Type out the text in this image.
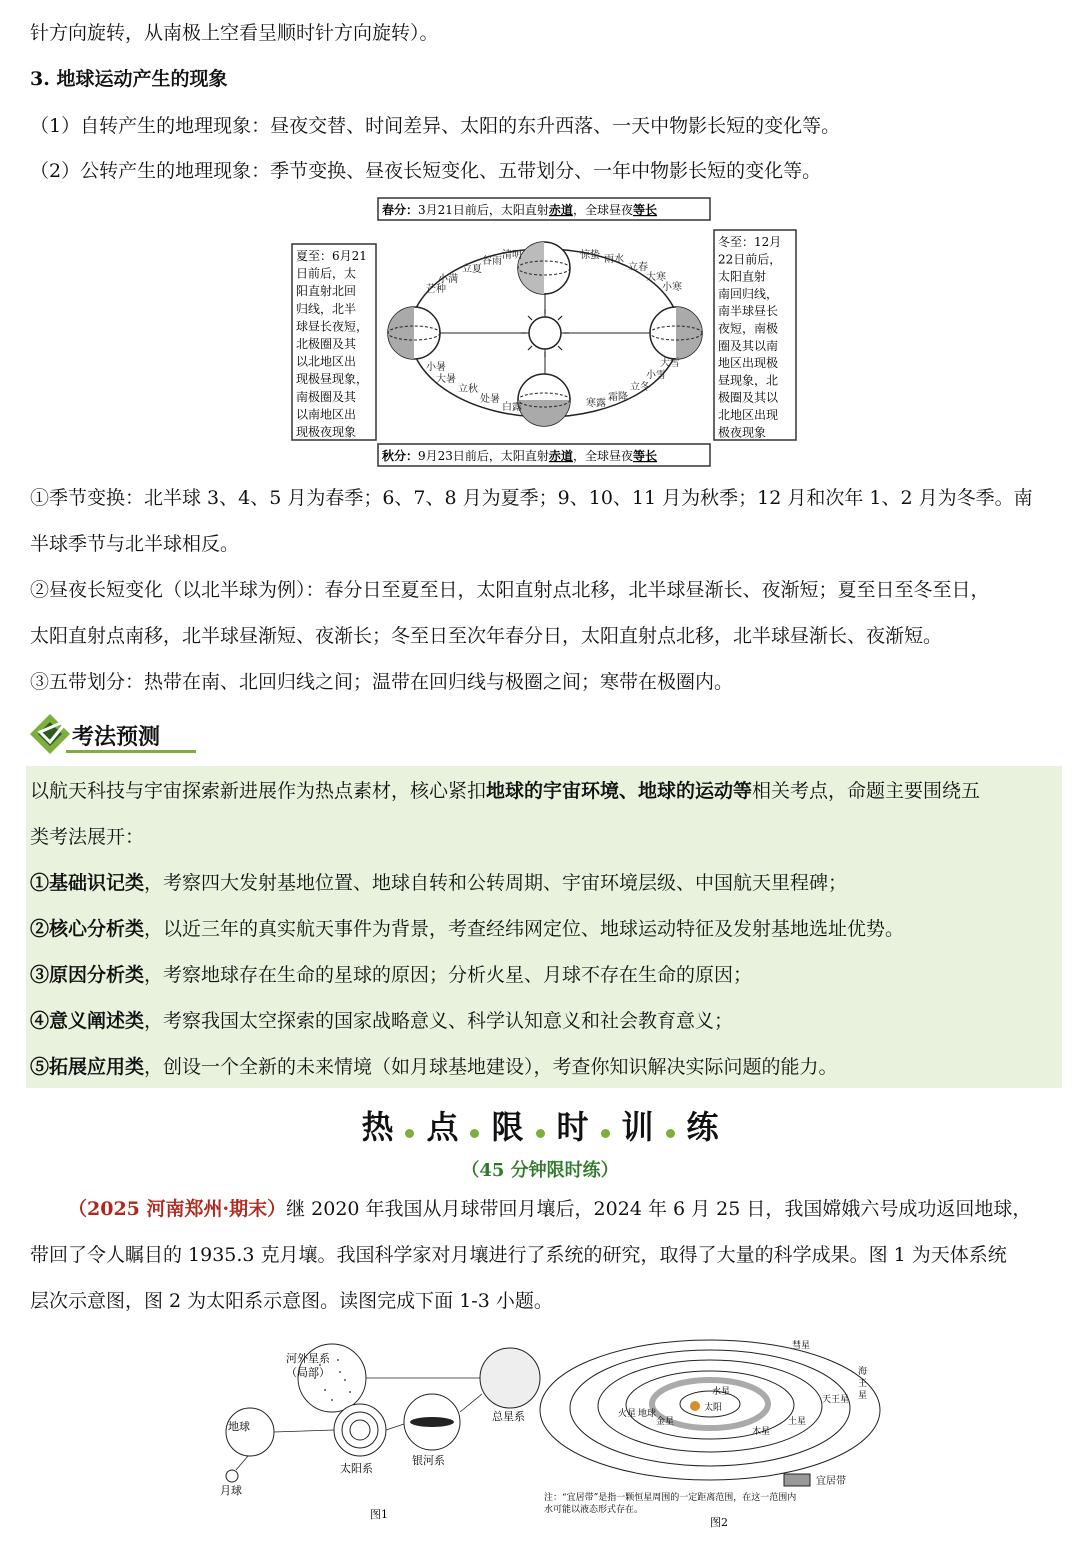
针方向旋转，从南极上空看呈顺时针方向旋转）。
3. 地球运动产生的现象
（1）自转产生的地理现象：昼夜交替、时间差异、太阳的东升西落、一天中物影长短的变化等。
（2）公转产生的地理现象：季节变换、昼夜长短变化、五带划分、一年中物影长短的变化等。
春分：3月21日前后，太阳直射赤道，全球昼夜等长
秋分：9月23日前后，太阳直射赤道，全球昼夜等长
夏至：6月21
日前后，太
阳直射北回
归线，北半
球昼长夜短，
北极圈及其
以北地区出
现极昼现象，
南极圈及其
以南地区出
现极夜现象
冬至：12月
22日前后，
太阳直射
南回归线，
南半球昼长
夜短，南极
圈及其以南
地区出现极
昼现象，北
极圈及其以
北地区出现
极夜现象
立夏
谷雨
清明	惊蛰 雨水
立春
大寒
小寒
芒种
小满
小暑
大暑
立秋
处暑
白露	寒露
霜降
立冬
小雪
大雪
①季节变换：北半球 3、4、5 月为春季；6、7、8 月为夏季；9、10、11 月为秋季；12 月和次年 1、2 月为冬季。南
半球季节与北半球相反。
②昼夜长短变化（以北半球为例）：春分日至夏至日，太阳直射点北移，北半球昼渐长、夜渐短；夏至日至冬至日，
太阳直射点南移，北半球昼渐短、夜渐长；冬至日至次年春分日，太阳直射点北移，北半球昼渐长、夜渐短。
③五带划分：热带在南、北回归线之间；温带在回归线与极圈之间；寒带在极圈内。
考法预测
以航天科技与宇宙探索新进展作为热点素材，核心紧扣地球的宇宙环境、地球的运动等相关考点，命题主要围绕五
类考法展开：
①基础识记类，考察四大发射基地位置、地球自转和公转周期、宇宙环境层级、中国航天里程碑；
②核心分析类，以近三年的真实航天事件为背景，考查经纬网定位、地球运动特征及发射基地选址优势。
③原因分析类，考察地球存在生命的星球的原因；分析火星、月球不存在生命的原因；
④意义阐述类，考察我国太空探索的国家战略意义、科学认知意义和社会教育意义；
⑤拓展应用类，创设一个全新的未来情境（如月球基地建设），考查你知识解决实际问题的能力。
热 点 限 时 训 练
（45 分钟限时练）
（2025 河南郑州·期末）继 2020 年我国从月球带回月壤后，2024 年 6 月 25 日，我国嫦娥六号成功返回地球，
带回了令人瞩目的 1935.3 克月壤。我国科学家对月壤进行了系统的研究，取得了大量的科学成果。图 1 为天体系统
层次示意图，图 2 为太阳系示意图。读图完成下面 1-3 小题。
河外星系
（局部）
总星系
地球
太阳系
银河系
月球
图1
太阳
彗星
海
王
星
天王星
土星
木星
水星
金星
火星 地球
宜居带
注：“宜居带”是指一颗恒星周围的一定距离范围，在这一范围内
水可能以液态形式存在。
图2
